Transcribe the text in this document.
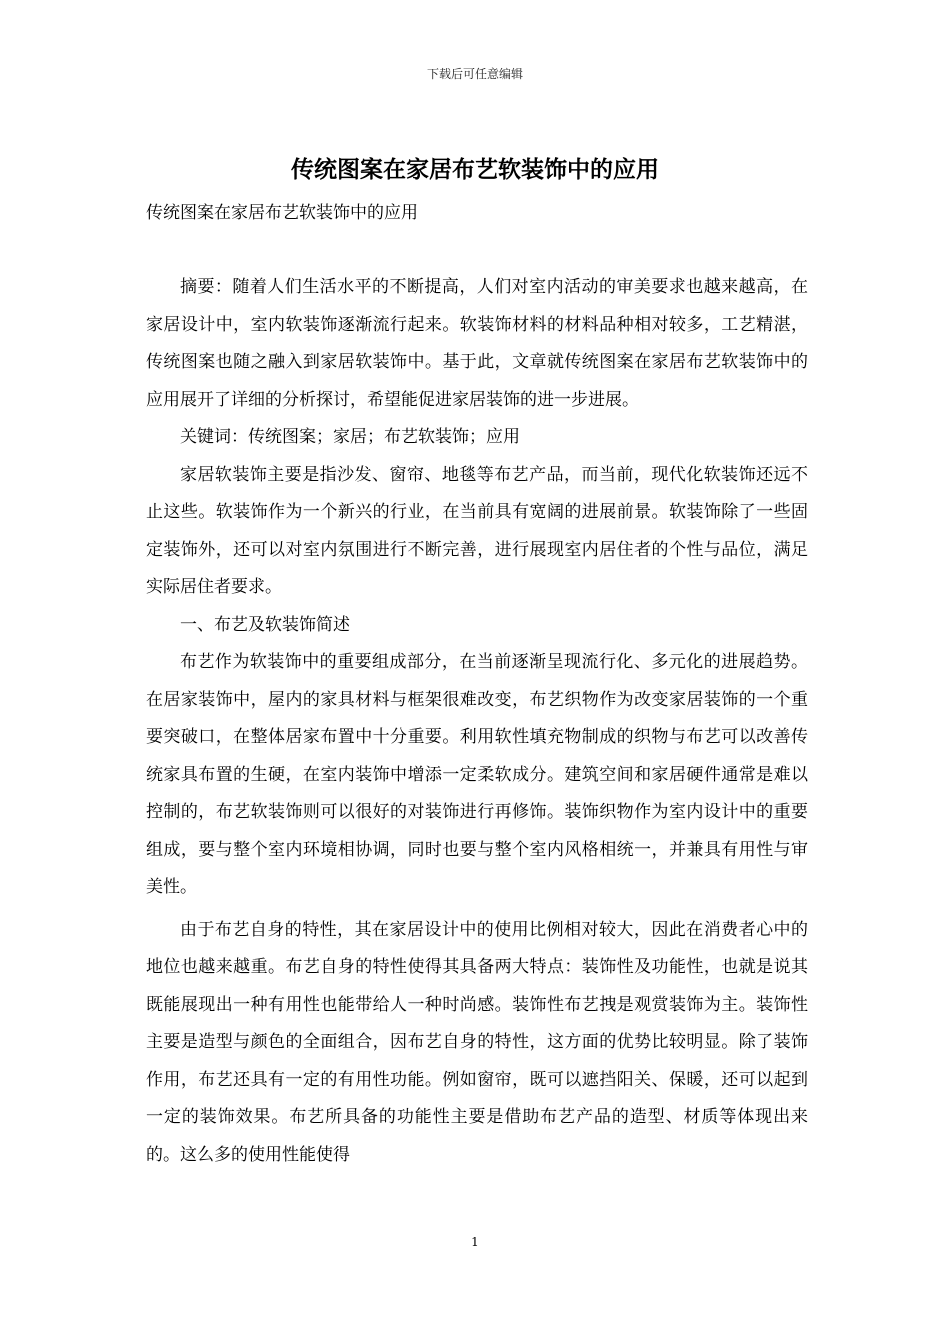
下载后可任意编辑
传统图案在家居布艺软装饰中的应用
传统图案在家居布艺软装饰中的应用

摘要：随着人们生活水平的不断提高，人们对室内活动的审美要求也越来越高，在家居设计中，室内软装饰逐渐流行起来。软装饰材料的材料品种相对较多，工艺精湛，传统图案也随之融入到家居软装饰中。基于此，文章就传统图案在家居布艺软装饰中的应用展开了详细的分析探讨，希望能促进家居装饰的进一步进展。

关键词：传统图案；家居；布艺软装饰；应用

家居软装饰主要是指沙发、窗帘、地毯等布艺产品，而当前，现代化软装饰还远不止这些。软装饰作为一个新兴的行业，在当前具有宽阔的进展前景。软装饰除了一些固定装饰外，还可以对室内氛围进行不断完善，进行展现室内居住者的个性与品位，满足实际居住者要求。

一、布艺及软装饰简述

布艺作为软装饰中的重要组成部分，在当前逐渐呈现流行化、多元化的进展趋势。在居家装饰中，屋内的家具材料与框架很难改变，布艺织物作为改变家居装饰的一个重要突破口，在整体居家布置中十分重要。利用软性填充物制成的织物与布艺可以改善传统家具布置的生硬，在室内装饰中增添一定柔软成分。建筑空间和家居硬件通常是难以控制的，布艺软装饰则可以很好的对装饰进行再修饰。装饰织物作为室内设计中的重要组成，要与整个室内环境相协调，同时也要与整个室内风格相统一，并兼具有用性与审美性。

由于布艺自身的特性，其在家居设计中的使用比例相对较大，因此在消费者心中的地位也越来越重。布艺自身的特性使得其具备两大特点：装饰性及功能性，也就是说其既能展现出一种有用性也能带给人一种时尚感。装饰性布艺拽是观赏装饰为主。装饰性主要是造型与颜色的全面组合，因布艺自身的特性，这方面的优势比较明显。除了装饰作用，布艺还具有一定的有用性功能。例如窗帘，既可以遮挡阳关、保暖，还可以起到一定的装饰效果。布艺所具备的功能性主要是借助布艺产品的造型、材质等体现出来的。这么多的使用性能使得

1
